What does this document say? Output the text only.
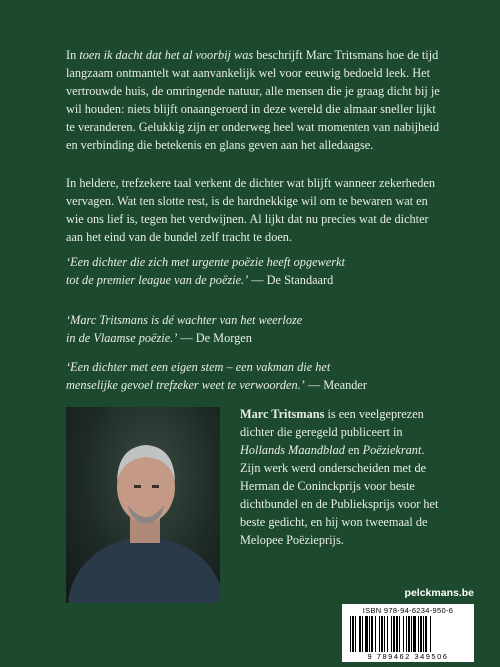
In toen ik dacht dat het al voorbij was beschrijft Marc Tritsmans hoe de tijd langzaam ontmantelt wat aanvankelijk wel voor eeuwig bedoeld leek. Het vertrouwde huis, de omringende natuur, alle mensen die je graag dicht bij je wil houden: niets blijft onaangeroerd in deze wereld die almaar sneller lijkt te veranderen. Gelukkig zijn er onderweg heel wat momenten van nabijheid en verbinding die betekenis en glans geven aan het alledaagse.

In heldere, trefzekere taal verkent de dichter wat blijft wanneer zekerheden vervagen. Wat ten slotte rest, is de hardnekkige wil om te bewaren wat en wie ons lief is, tegen het verdwijnen. Al lijkt dat nu precies wat de dichter aan het eind van de bundel zelf tracht te doen.

‘Een dichter die zich met urgente poëzie heeft opgewerkt
tot de premier league van de poëzie.’ — De Standaard

‘Marc Tritsmans is dé wachter van het weerloze
in de Vlaamse poëzie.’ — De Morgen

‘Een dichter met een eigen stem – een vakman die het
menselijke gevoel trefzeker weet te verwoorden.’ — Meander

Marc Tritsmans is een veelgeprezen dichter die geregeld publiceert in Hollands Maandblad en Poëziekrant. Zijn werk werd onderscheiden met de Herman de Coninckprijs voor beste dichtbundel en de Publieksprijs voor het beste gedicht, en hij won tweemaal de Melopee Poëzieprijs.

pelckmans.be
ISBN 978-94-6234-950-6
9 789462 349506
